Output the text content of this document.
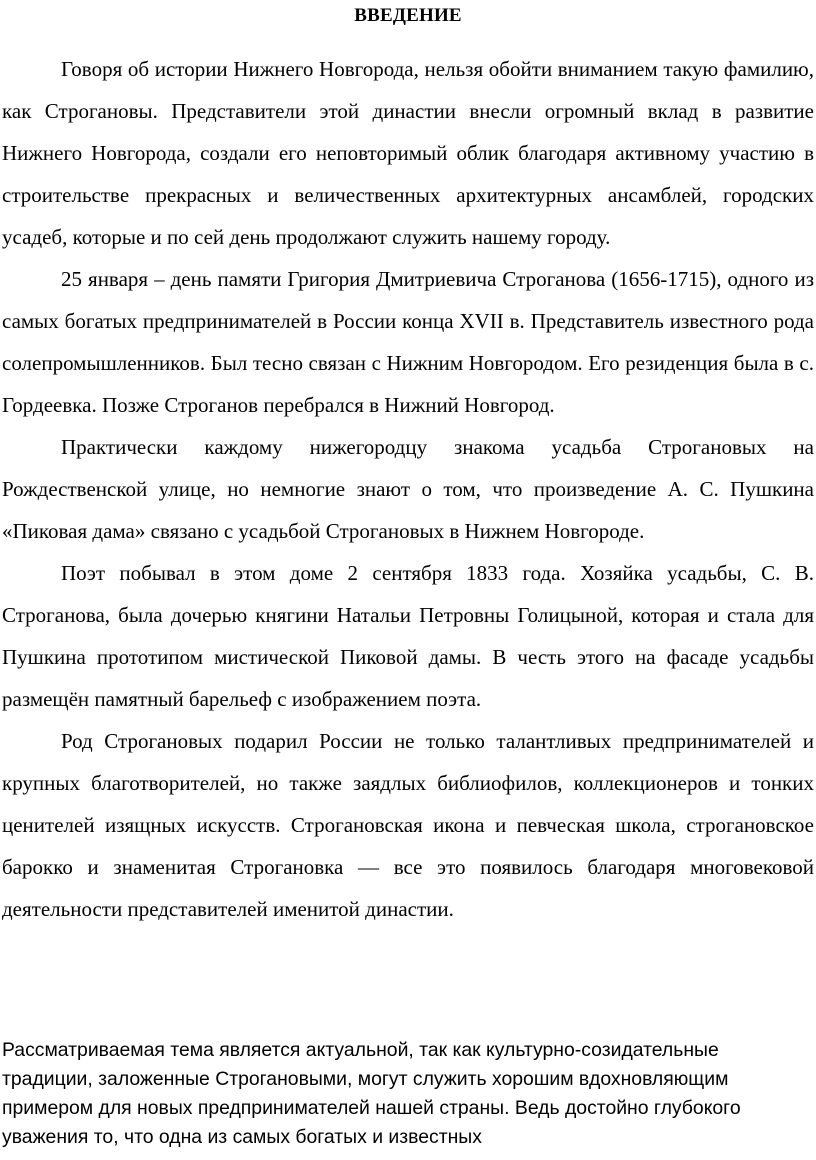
ВВЕДЕНИЕ

Говоря об истории Нижнего Новгорода, нельзя обойти вниманием такую фамилию, как Строгановы. Представители этой династии внесли огромный вклад в развитие Нижнего Новгорода, создали его неповторимый облик благодаря активному участию в строительстве прекрасных и величественных архитектурных ансамблей, городских усадеб, которые и по сей день продолжают служить нашему городу.

25 января – день памяти Григория Дмитриевича Строганова (1656-1715), одного из самых богатых предпринимателей в России конца XVII в. Представитель известного рода солепромышленников. Был тесно связан с Нижним Новгородом. Его резиденция была в с. Гордеевка. Позже Строганов перебрался в Нижний Новгород.

Практически каждому нижегородцу знакома усадьба Строгановых на Рождественской улице, но немногие знают о том, что произведение А. С. Пушкина «Пиковая дама» связано с усадьбой Строгановых в Нижнем Новгороде.

Поэт побывал в этом доме 2 сентября 1833 года. Хозяйка усадьбы, С. В. Строганова, была дочерью княгини Натальи Петровны Голицыной, которая и стала для Пушкина прототипом мистической Пиковой дамы. В честь этого на фасаде усадьбы размещён памятный барельеф с изображением поэта.

Род Строгановых подарил России не только талантливых предпринимателей и крупных благотворителей, но также заядлых библиофилов, коллекционеров и тонких ценителей изящных искусств. Строгановская икона и певческая школа, строгановское барокко и знаменитая Строгановка — все это появилось благодаря многовековой деятельности представителей именитой династии.

Рассматриваемая тема является актуальной, так как культурно-созидательные традиции, заложенные Строгановыми, могут служить хорошим вдохновляющим примером для новых предпринимателей нашей страны. Ведь достойно глубокого уважения то, что одна из самых богатых и известных
